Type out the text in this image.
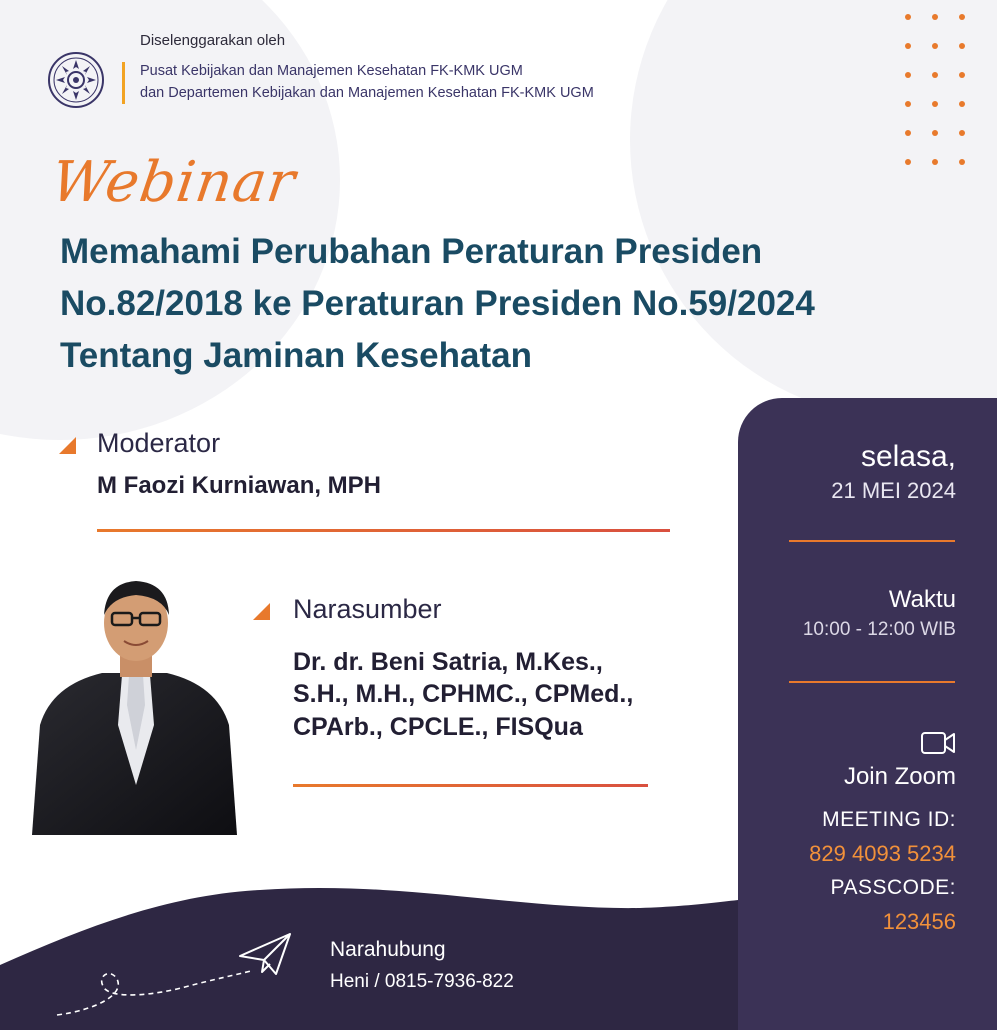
Diselenggarakan oleh
Pusat Kebijakan dan Manajemen Kesehatan FK-KMK UGM
dan Departemen Kebijakan dan Manajemen Kesehatan FK-KMK UGM
Webinar
Memahami Perubahan Peraturan Presiden
No.82/2018 ke Peraturan Presiden No.59/2024
Tentang Jaminan Kesehatan
Moderator
M Faozi Kurniawan, MPH
Narasumber
Dr. dr. Beni Satria, M.Kes.,
S.H., M.H., CPHMC., CPMed.,
CPArb., CPCLE., FISQua
Narahubung
Heni / 0815-7936-822
selasa,
21 MEI 2024
Waktu
10:00 - 12:00 WIB
Join Zoom
MEETING ID:
829 4093 5234
PASSCODE:
123456
